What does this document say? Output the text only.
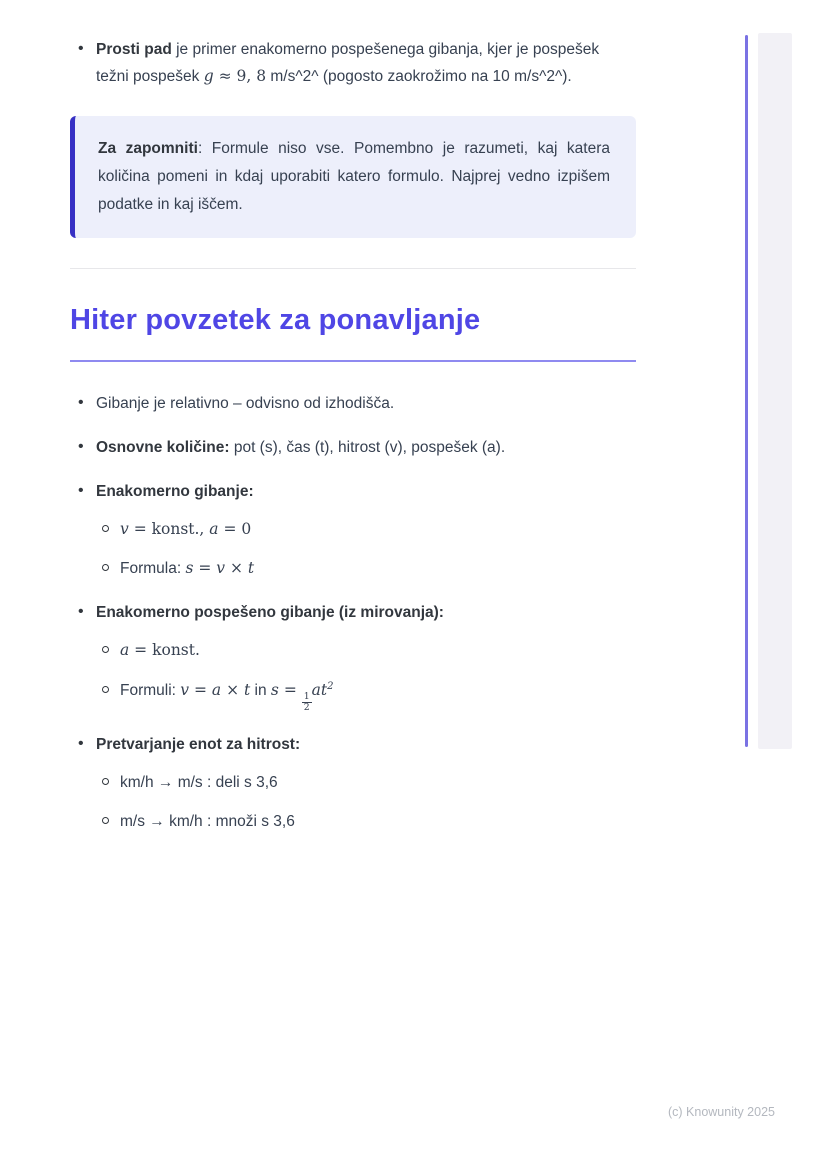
• Prosti pad je primer enakomerno pospešenega gibanja, kjer je pospešek težni pospešek g ≈ 9, 8 m/s^2^ (pogosto zaokrožimo na 10 m/s^2^).
Za zapomniti: Formule niso vse. Pomembno je razumeti, kaj katera količina pomeni in kdaj uporabiti katero formulo. Najprej vedno izpišem podatke in kaj iščem.
Hiter povzetek za ponavljanje
• Gibanje je relativno – odvisno od izhodišča.
• Osnovne količine: pot (s), čas (t), hitrost (v), pospešek (a).
• Enakomerno gibanje:
v = konst., a = 0
Formula: s = v × t
• Enakomerno pospešeno gibanje (iz mirovanja):
a = konst.
Formuli: v = a × t in s =
$\frac{1}{2}$
$at^2$
• Pretvarjanje enot za hitrost:
km/h → m/s : deli s 3,6
m/s → km/h : množi s 3,6
(c) Knowunity 2025
